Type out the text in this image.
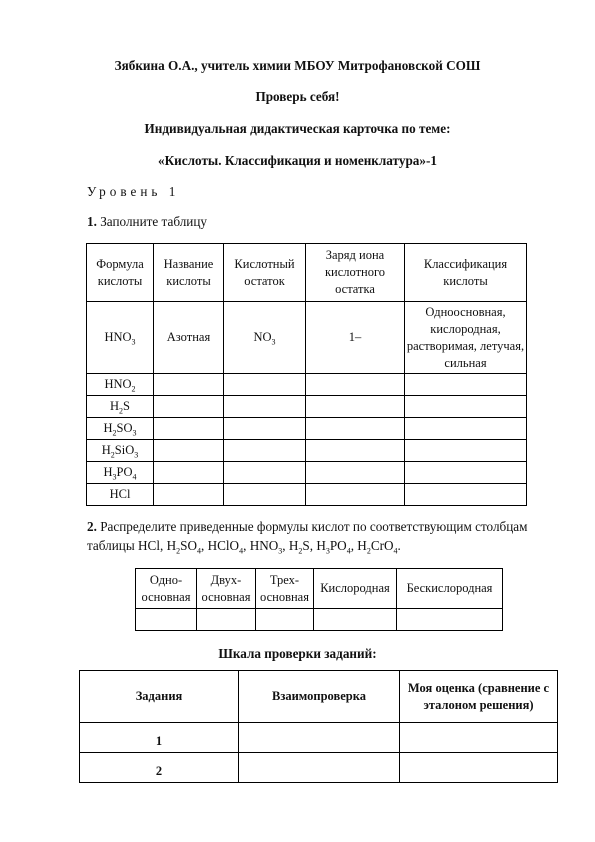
Зябкина О.А., учитель химии МБОУ Митрофановской СОШ
Проверь себя!
Индивидуальная дидактическая карточка по теме:
«Кислоты. Классификация и номенклатура»-1
Уровень 1
1. Заполните таблицу
Формула кислоты	Название кислоты	Кислотный остаток	Заряд иона кислотного остатка	Классификация кислоты
$HNO_3$	Азотная	$NO_3$	1–	Одноосновная, кислородная, растворимая, летучая, сильная
$HNO_2$				
$H_2S$				
$H_2SO_3$				
$H_2SiO_3$				
$H_3PO_4$				
HCl				
2. Распределите приведенные формулы кислот по соответствующим столбцам
таблицы HCl, $H_2SO_4$, HClO$_4$, $HNO_3$, $H_2S$, $H_3PO_4$, $H_2CrO_4$.
Одно-основная	Двух-основная	Трех-основная	Кислородная	Бескислородная

Шкала проверки заданий:
Задания	Взаимопроверка	Моя оценка (сравнение с эталоном решения)
1		
2		
